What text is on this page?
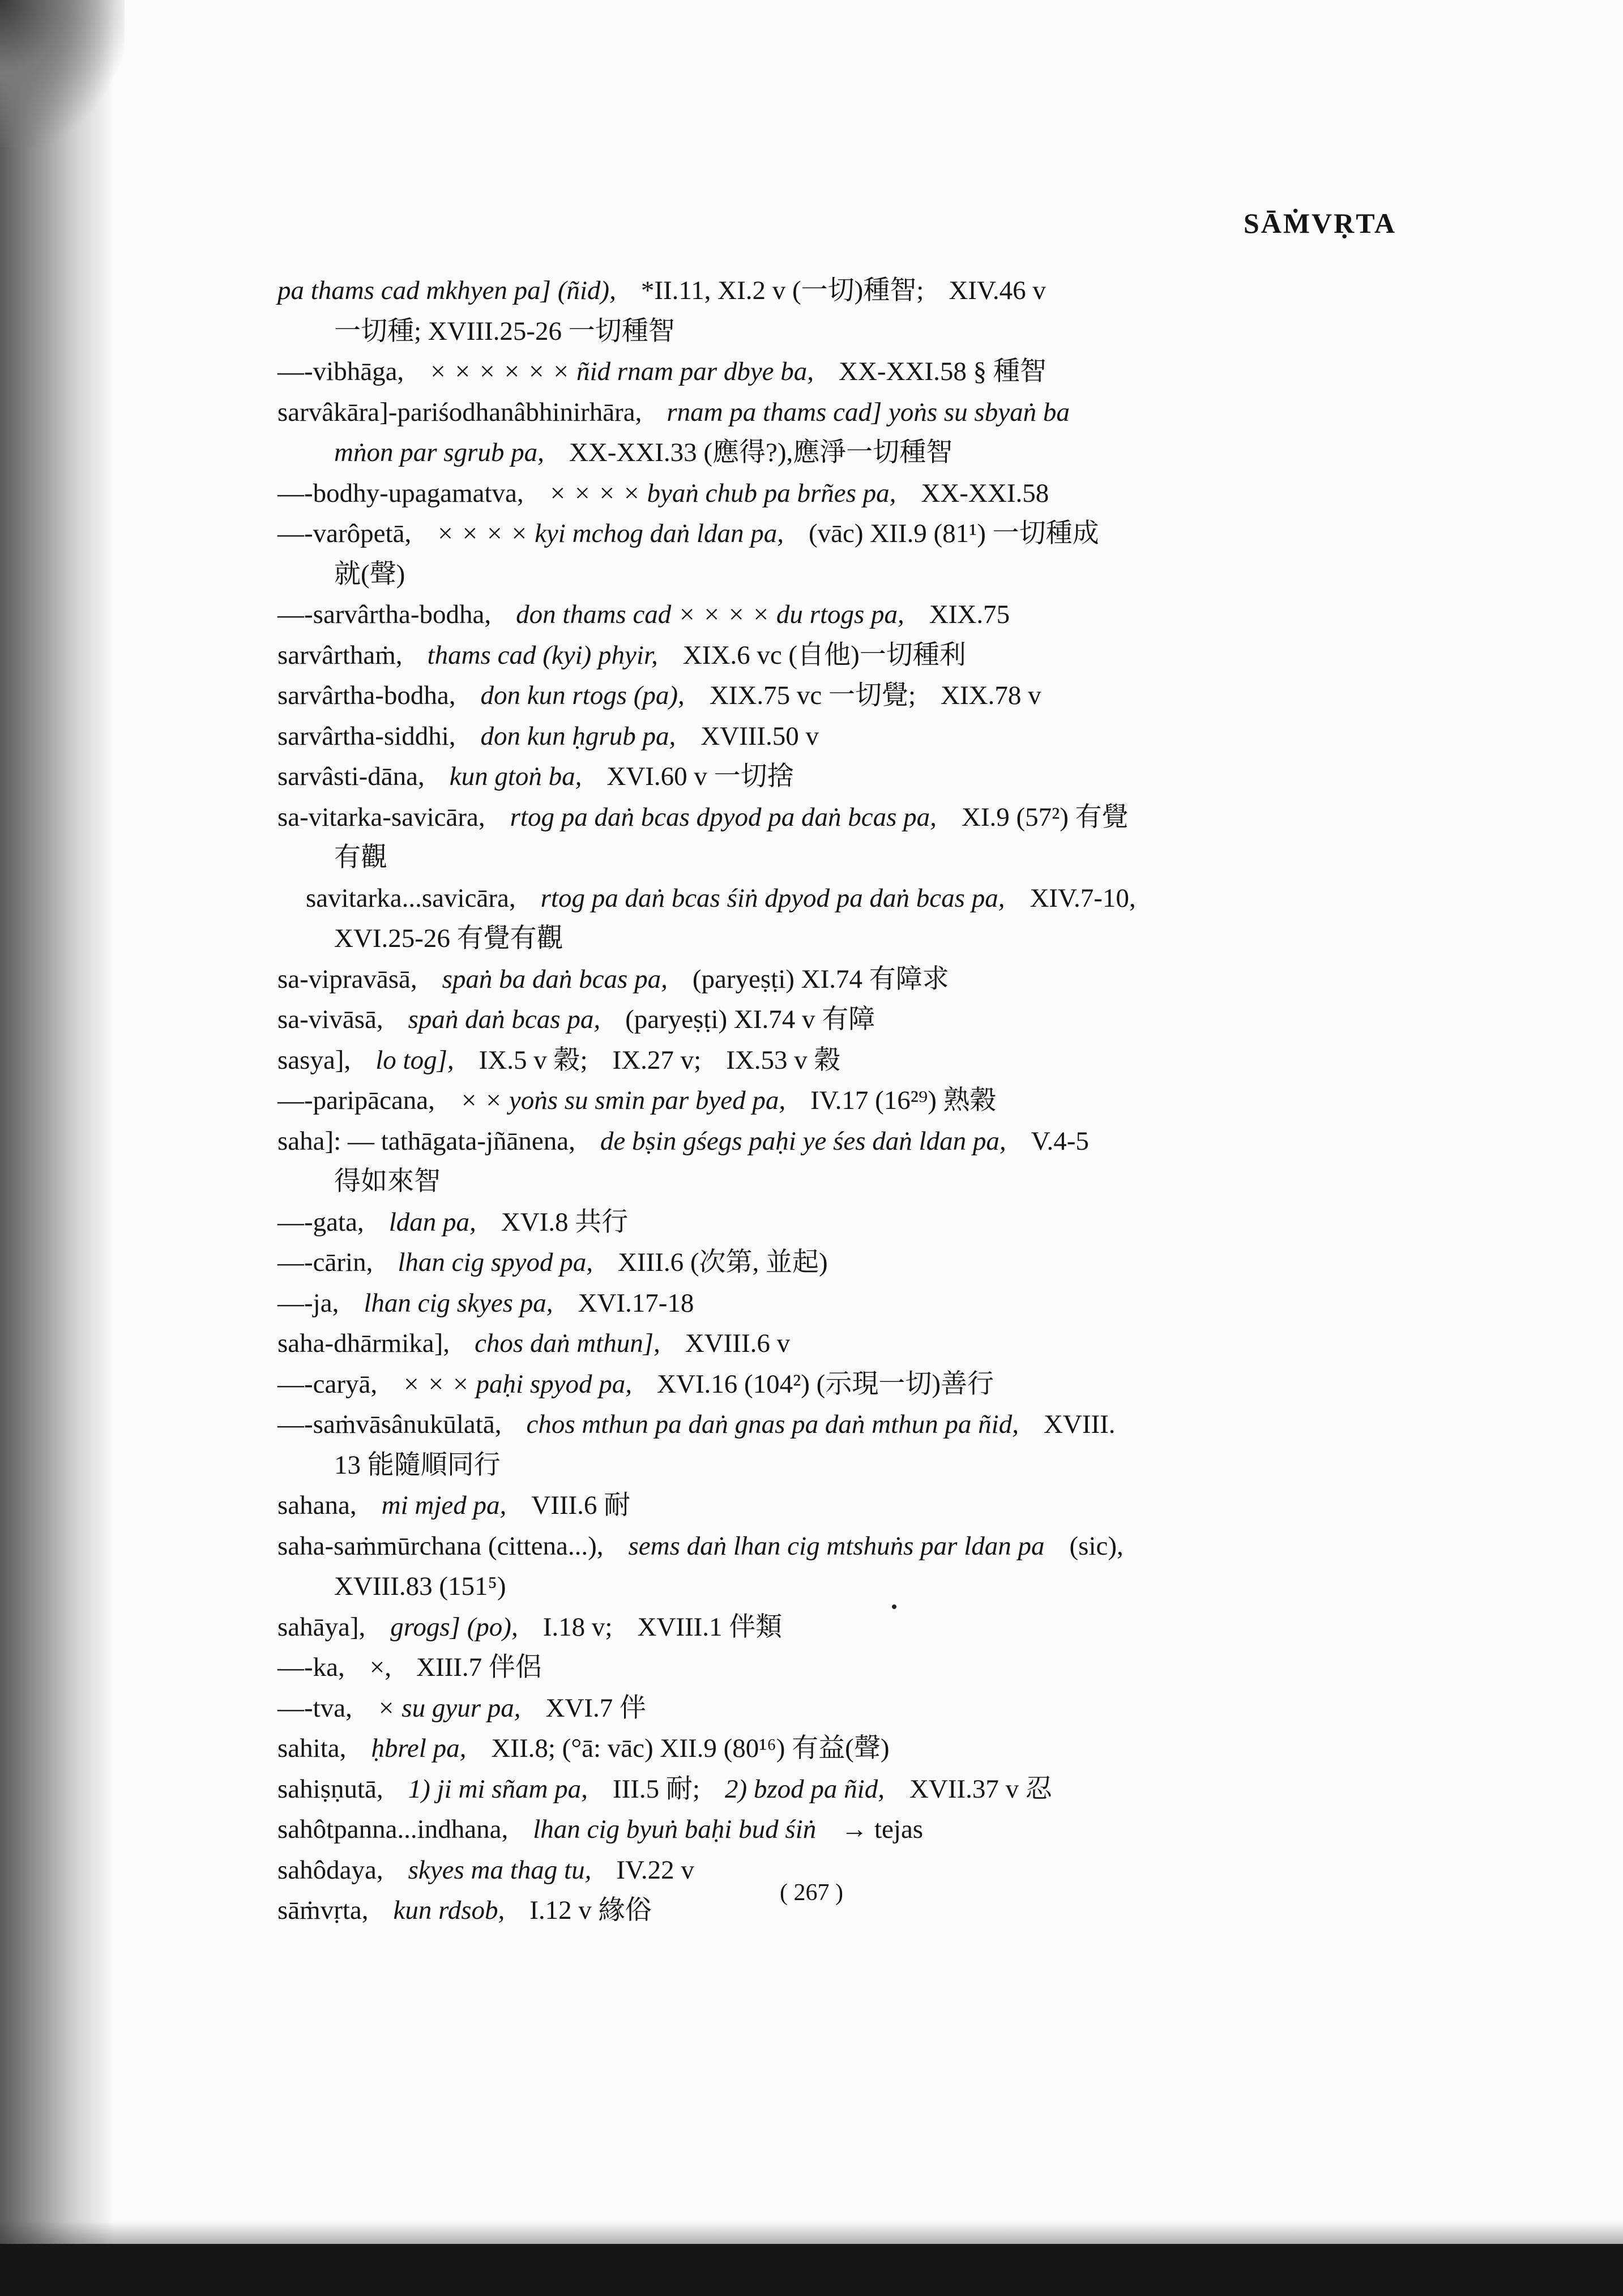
SĀṀVṚTA
pa thams cad mkhyen pa] (ñid), *II.11, XI.2 v (一切)種智; XIV.46 v
一切種; XVIII.25-26 一切種智
—-vibhāga, × × × × × × ñid rnam par dbye ba, XX-XXI.58 § 種智
sarvâkāra]-pariśodhanâbhinirhāra, rnam pa thams cad] yoṅs su sbyaṅ ba
mṅon par sgrub pa, XX-XXI.33 (應得?),應淨一切種智
—-bodhy-upagamatva, × × × × byaṅ chub pa brñes pa, XX-XXI.58
—-varôpetā, × × × × kyi mchog daṅ ldan pa, (vāc) XII.9 (81¹) 一切種成
就(聲)
—-sarvârtha-bodha, don thams cad × × × × du rtogs pa, XIX.75
sarvârthaṁ, thams cad (kyi) phyir, XIX.6 vc (自他)一切種利
sarvârtha-bodha, don kun rtogs (pa), XIX.75 vc 一切覺; XIX.78 v
sarvârtha-siddhi, don kun ḥgrub pa, XVIII.50 v
sarvâsti-dāna, kun gtoṅ ba, XVI.60 v 一切捨
sa-vitarka-savicāra, rtog pa daṅ bcas dpyod pa daṅ bcas pa, XI.9 (57²) 有覺
有觀
savitarka...savicāra, rtog pa daṅ bcas śiṅ dpyod pa daṅ bcas pa, XIV.7-10,
XVI.25-26 有覺有觀
sa-vipravāsā, spaṅ ba daṅ bcas pa, (paryeṣṭi) XI.74 有障求
sa-vivāsā, spaṅ daṅ bcas pa, (paryeṣṭi) XI.74 v 有障
sasya], lo tog], IX.5 v 穀; IX.27 v; IX.53 v 穀
—-paripācana, × × yoṅs su smin par byed pa, IV.17 (16²⁹) 熟穀
saha]: — tathāgata-jñānena, de bṣin gśegs paḥi ye śes daṅ ldan pa, V.4-5
得如來智
—-gata, ldan pa, XVI.8 共行
—-cārin, lhan cig spyod pa, XIII.6 (次第, 並起)
—-ja, lhan cig skyes pa, XVI.17-18
saha-dhārmika], chos daṅ mthun], XVIII.6 v
—-caryā, × × × paḥi spyod pa, XVI.16 (104²) (示現一切)善行
—-saṁvāsânukūlatā, chos mthun pa daṅ gnas pa daṅ mthun pa ñid, XVIII.
13 能隨順同行
sahana, mi mjed pa, VIII.6 耐
saha-saṁmūrchana (cittena...), sems daṅ lhan cig mtshuṅs par ldan pa (sic),
XVIII.83 (151⁵)
sahāya], grogs] (po), I.18 v; XVIII.1 伴類
—-ka, ×, XIII.7 伴侶
—-tva, × su gyur pa, XVI.7 伴
sahita, ḥbrel pa, XII.8; (°ā: vāc) XII.9 (80¹⁶) 有益(聲)
sahiṣṇutā, 1) ji mi sñam pa, III.5 耐; 2) bzod pa ñid, XVII.37 v 忍
sahôtpanna...indhana, lhan cig byuṅ baḥi bud śiṅ → tejas
sahôdaya, skyes ma thag tu, IV.22 v
sāṁvṛta, kun rdsob, I.12 v 緣俗
( 267 )
